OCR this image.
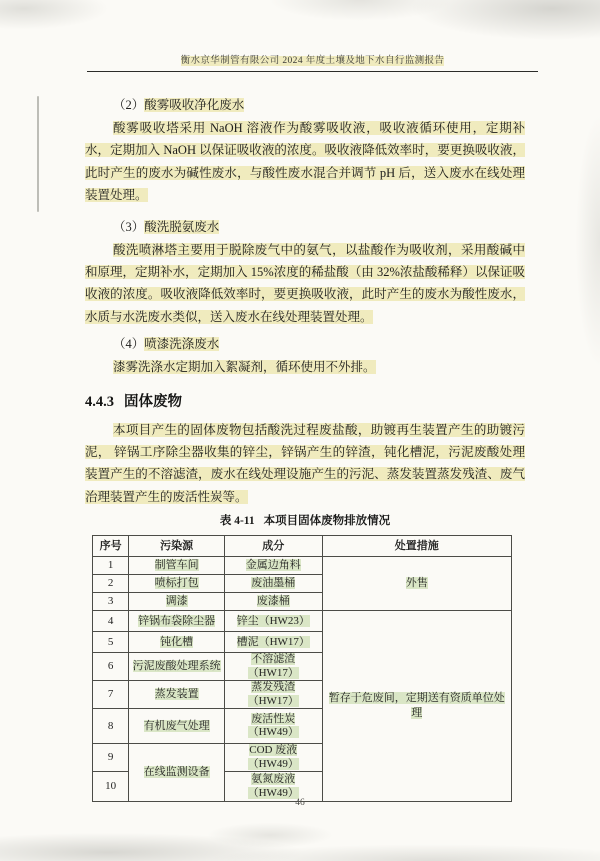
衡水京华制管有限公司 2024 年度土壤及地下水自行监测报告

（2）酸雾吸收净化废水

酸雾吸收塔采用 NaOH 溶液作为酸雾吸收液，吸收液循环使用，定期补水，定期加入 NaOH 以保证吸收液的浓度。吸收液降低效率时，要更换吸收液，此时产生的废水为碱性废水，与酸性废水混合并调节 pH 后，送入废水在线处理装置处理。

（3）酸洗脱氨废水

酸洗喷淋塔主要用于脱除废气中的氨气，以盐酸作为吸收剂，采用酸碱中和原理，定期补水，定期加入 15%浓度的稀盐酸（由 32%浓盐酸稀释）以保证吸收液的浓度。吸收液降低效率时，要更换吸收液，此时产生的废水为酸性废水，水质与水洗废水类似，送入废水在线处理装置处理。

（4）喷漆洗涤废水

漆雾洗涤水定期加入絮凝剂，循环使用不外排。

4.4.3 固体废物

本项目产生的固体废物包括酸洗过程废盐酸，助镀再生装置产生的助镀污泥， 锌锅工序除尘器收集的锌尘，锌锅产生的锌渣，钝化槽泥，污泥废酸处理装置产生的不溶滤渣，废水在线处理设施产生的污泥、蒸发装置蒸发残渣、废气治理装置产生的废活性炭等。

表 4-11 本项目固体废物排放情况

序号	污染源	成分	处置措施
1	制管车间	金属边角料	外售
2	喷标打包	废油墨桶	
3	调漆	废漆桶	
4	锌锅布袋除尘器	锌尘（HW23）	暂存于危废间，定期送有资质单位处理
5	钝化槽	槽泥（HW17）	
6	污泥废酸处理系统	不溶滤渣
（HW17）	

7	蒸发装置	蒸发残渣
（HW17）	

8	有机废气处理	废活性炭
（HW49）	

9	在线监测设备	COD 废液
（HW49）	

10		氨氮废液
（HW49）	
46
